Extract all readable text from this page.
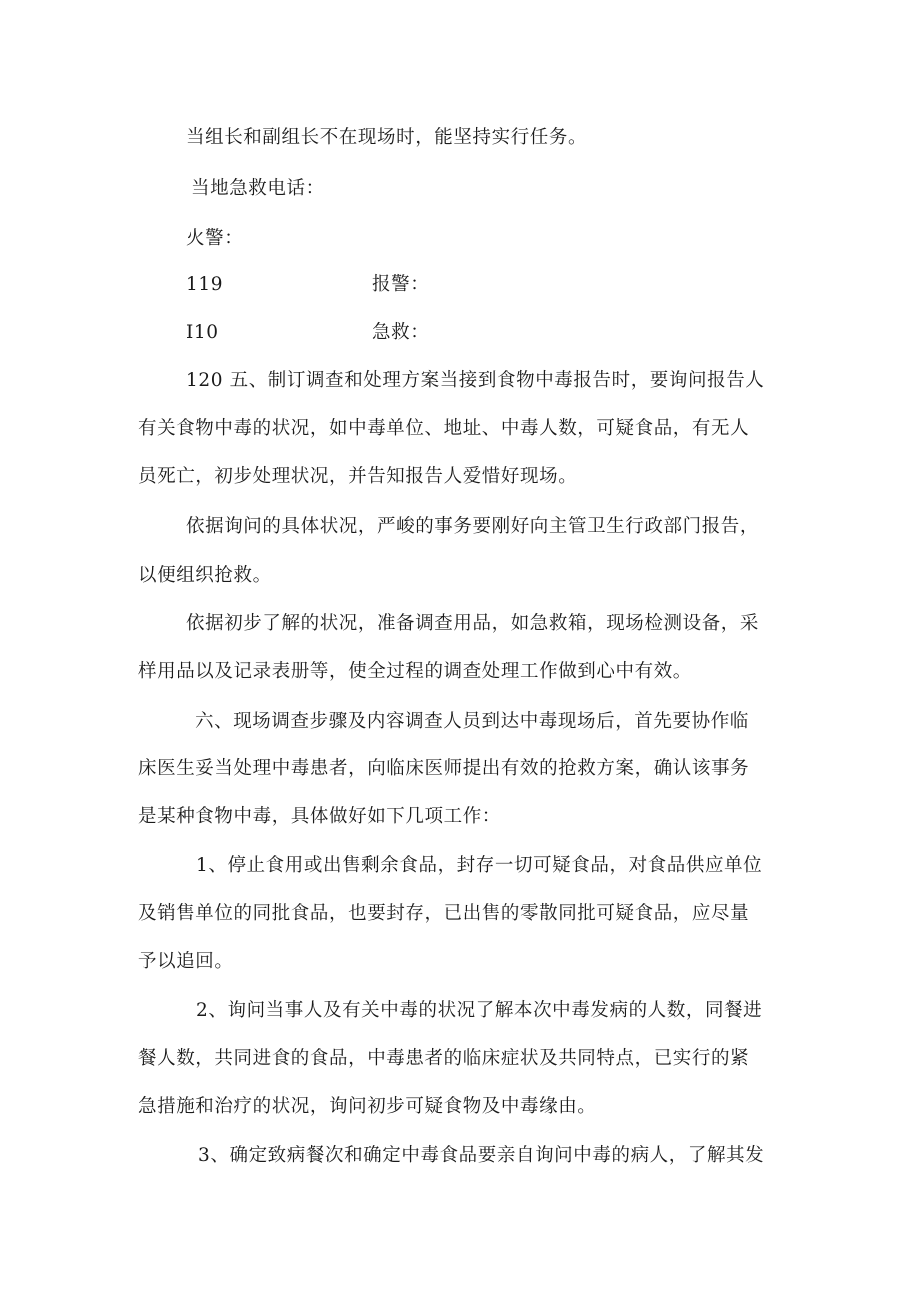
当组长和副组长不在现场时，能坚持实行任务。
当地急救电话：
火警：
119	报警：
I10	急救：
120 五、制订调查和处理方案当接到食物中毒报告时，要询问报告人
有关食物中毒的状况，如中毒单位、地址、中毒人数，可疑食品，有无人
员死亡，初步处理状况，并告知报告人爱惜好现场。
依据询问的具体状况，严峻的事务要刚好向主管卫生行政部门报告，
以便组织抢救。
依据初步了解的状况，准备调查用品，如急救箱，现场检测设备，采
样用品以及记录表册等，使全过程的调查处理工作做到心中有效。
六、现场调查步骤及内容调查人员到达中毒现场后，首先要协作临
床医生妥当处理中毒患者，向临床医师提出有效的抢救方案，确认该事务
是某种食物中毒，具体做好如下几项工作：
1、停止食用或出售剩余食品，封存一切可疑食品，对食品供应单位
及销售单位的同批食品，也要封存，已出售的零散同批可疑食品，应尽量
予以追回。
2、询问当事人及有关中毒的状况了解本次中毒发病的人数，同餐进
餐人数，共同进食的食品，中毒患者的临床症状及共同特点，已实行的紧
急措施和治疗的状况，询问初步可疑食物及中毒缘由。
3、确定致病餐次和确定中毒食品要亲自询问中毒的病人，了解其发
